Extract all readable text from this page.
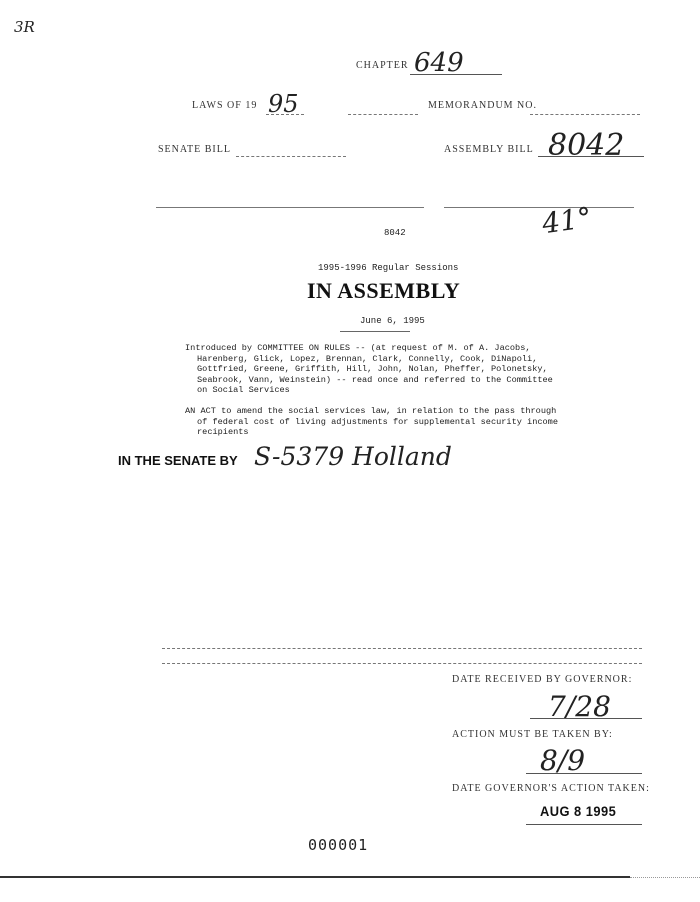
3R
CHAPTER 649
LAWS OF 19 95	MEMORANDUM NO.
SENATE BILL	ASSEMBLY BILL 8042
41°
8042
1995-1996 Regular Sessions
IN ASSEMBLY
June 6, 1995
Introduced by COMMITTEE ON RULES -- (at request of M. of A. Jacobs,
Harenberg, Glick, Lopez, Brennan, Clark, Connelly, Cook, DiNapoli,
Gottfried, Greene, Griffith, Hill, John, Nolan, Pheffer, Polonetsky,
Seabrook, Vann, Weinstein) -- read once and referred to the Committee
on Social Services
AN ACT to amend the social services law, in relation to the pass through
of federal cost of living adjustments for supplemental security income
recipients
IN THE SENATE BY S-5379 Holland
DATE RECEIVED BY GOVERNOR:
7/28
ACTION MUST BE TAKEN BY:
8/9
DATE GOVERNOR'S ACTION TAKEN:
AUG 8 1995
000001
